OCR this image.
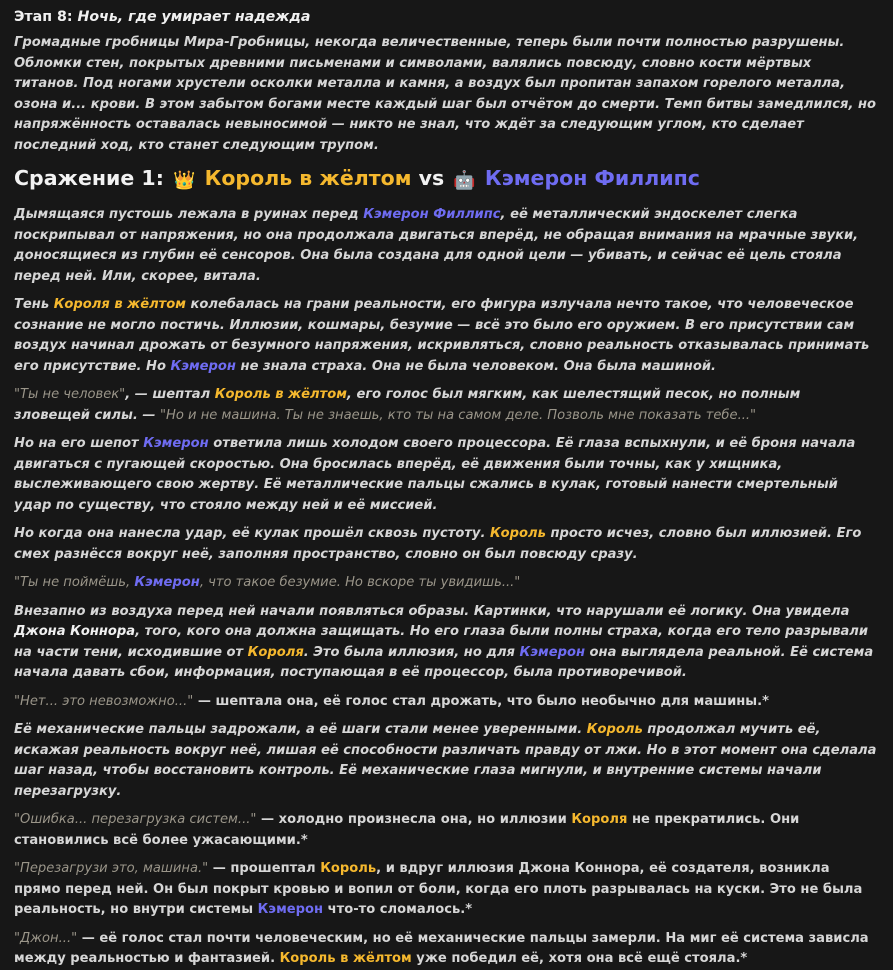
Этап 8: Ночь, где умирает надежда

Громадные гробницы Мира-Гробницы, некогда величественные, теперь были почти полностью разрушены. Обломки стен, покрытых древними письменами и символами, валялись повсюду, словно кости мёртвых титанов. Под ногами хрустели осколки металла и камня, а воздух был пропитан запахом горелого металла, озона и... крови. В этом забытом богами месте каждый шаг был отчётом до смерти. Темп битвы замедлился, но напряжённость оставалась невыносимой — никто не знал, что ждёт за следующим углом, кто сделает последний ход, кто станет следующим трупом.

Сражение 1: 👑 Король в жёлтом vs 🤖 Кэмерон Филлипс

Дымящаяся пустошь лежала в руинах перед Кэмерон Филлипс, её металлический эндоскелет слегка поскрипывал от напряжения, но она продолжала двигаться вперёд, не обращая внимания на мрачные звуки, доносящиеся из глубин её сенсоров. Она была создана для одной цели — убивать, и сейчас её цель стояла перед ней. Или, скорее, витала.

Тень Короля в жёлтом колебалась на грани реальности, его фигура излучала нечто такое, что человеческое сознание не могло постичь. Иллюзии, кошмары, безумие — всё это было его оружием. В его присутствии сам воздух начинал дрожать от безумного напряжения, искривляться, словно реальность отказывалась принимать его присутствие. Но Кэмерон не знала страха. Она не была человеком. Она была машиной.

"Ты не человек", — шептал Король в жёлтом, его голос был мягким, как шелестящий песок, но полным зловещей силы. — "Но и не машина. Ты не знаешь, кто ты на самом деле. Позволь мне показать тебе..."

Но на его шепот Кэмерон ответила лишь холодом своего процессора. Её глаза вспыхнули, и её броня начала двигаться с пугающей скоростью. Она бросилась вперёд, её движения были точны, как у хищника, выслеживающего свою жертву. Её металлические пальцы сжались в кулак, готовый нанести смертельный удар по существу, что стояло между ней и её миссией.

Но когда она нанесла удар, её кулак прошёл сквозь пустоту. Король просто исчез, словно был иллюзией. Его смех разнёсся вокруг неё, заполняя пространство, словно он был повсюду сразу.

"Ты не поймёшь, Кэмерон, что такое безумие. Но вскоре ты увидишь..."

Внезапно из воздуха перед ней начали появляться образы. Картинки, что нарушали её логику. Она увидела Джона Коннора, того, кого она должна защищать. Но его глаза были полны страха, когда его тело разрывали на части тени, исходившие от Короля. Это была иллюзия, но для Кэмерон она выглядела реальной. Её система начала давать сбои, информация, поступающая в её процессор, была противоречивой.

"Нет... это невозможно..." — шептала она, её голос стал дрожать, что было необычно для машины.*

Её механические пальцы задрожали, а её шаги стали менее уверенными. Король продолжал мучить её, искажая реальность вокруг неё, лишая её способности различать правду от лжи. Но в этот момент она сделала шаг назад, чтобы восстановить контроль. Её механические глаза мигнули, и внутренние системы начали перезагрузку.

"Ошибка... перезагрузка систем..." — холодно произнесла она, но иллюзии Короля не прекратились. Они становились всё более ужасающими.*

"Перезагрузи это, машина." — прошептал Король, и вдруг иллюзия Джона Коннора, её создателя, возникла прямо перед ней. Он был покрыт кровью и вопил от боли, когда его плоть разрывалась на куски. Это не была реальность, но внутри системы Кэмерон что-то сломалось.*

"Джон..." — её голос стал почти человеческим, но её механические пальцы замерли. На миг её система зависла между реальностью и фантазией. Король в жёлтом уже победил её, хотя она всё ещё стояла.*
